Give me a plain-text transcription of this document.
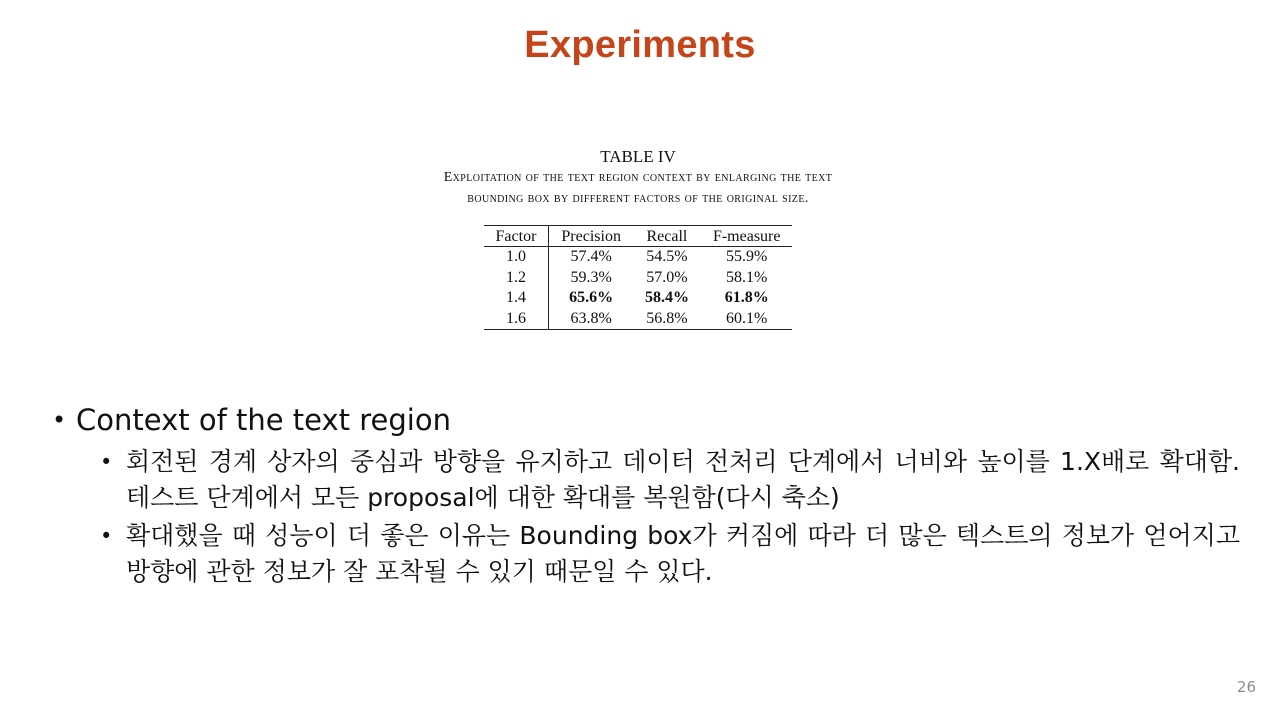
Experiments
TABLE IV
Exploitation of the text region context by enlarging the text
bounding box by different factors of the original size.
Factor	Precision	Recall	F-measure
1.0	57.4%	54.5%	55.9%
1.2	59.3%	57.0%	58.1%
1.4	65.6%	58.4%	61.8%
1.6	63.8%	56.8%	60.1%
• Context of the text region
• 회전된 경계 상자의 중심과 방향을 유지하고 데이터 전처리 단계에서 너비와 높이를 1.X배로 확대함. 테스트 단계에서 모든 proposal에 대한 확대를 복원함(다시 축소)
• 확대했을 때 성능이 더 좋은 이유는 Bounding box가 커짐에 따라 더 많은 텍스트의 정보가 얻어지고 방향에 관한 정보가 잘 포착될 수 있기 때문일 수 있다.
26
